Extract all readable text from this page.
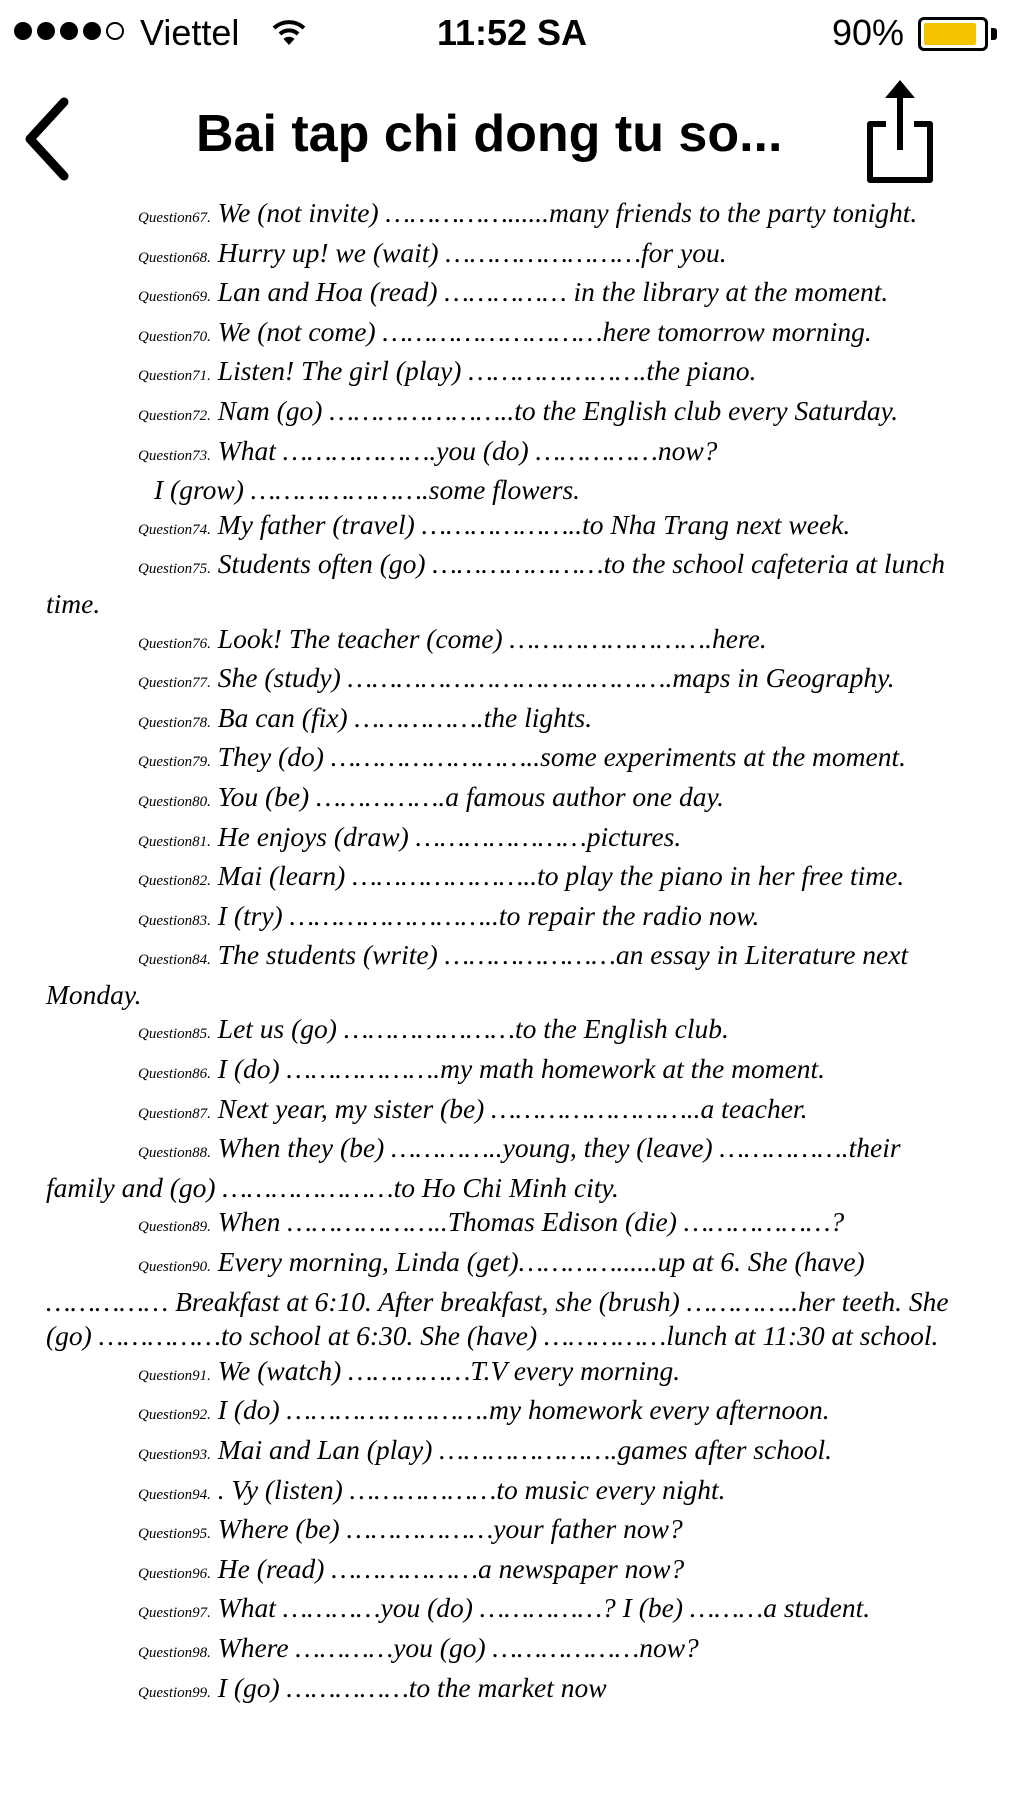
Viettel	11:52 SA	90%
Bai tap chi dong tu so...

Question67. We (not invite) ……………......many friends to the party tonight.

Question68. Hurry up! we (wait) ……………………for you.

Question69. Lan and Hoa (read) …………… in the library at the moment.

Question70. We (not come) ………………………here tomorrow morning.

Question71. Listen! The girl (play) ………………….the piano.

Question72. Nam (go) …………………..to the English club every Saturday.

Question73. What ……………….you (do) ……………now?

I (grow) ………………….some flowers.

Question74. My father (travel) ………………..to Nha Trang next week.

Question75. Students often (go) …………………to the school cafeteria at lunch time.

Question76. Look! The teacher (come) …………………….here.

Question77. She (study) ………………………………….maps in Geography.

Question78. Ba can (fix) …………….the lights.

Question79. They (do) ……………………..some experiments at the moment.

Question80. You (be) …………….a famous author one day.

Question81. He enjoys (draw) …………………pictures.

Question82. Mai (learn) …………………..to play the piano in her free time.

Question83. I (try) ……………………..to repair the radio now.

Question84. The students (write) …………………an essay in Literature next Monday.

Question85. Let us (go) …………………to the English club.

Question86. I (do) ……………….my math homework at the moment.

Question87. Next year, my sister (be) ……………………..a teacher.

Question88. When they (be) …………..young, they (leave) …………….their family and (go) …………………to Ho Chi Minh city.

Question89. When ………………..Thomas Edison (die) ………………?

Question90. Every morning, Linda (get)…………......up at 6. She (have) …………… Breakfast at 6:10. After breakfast, she (brush) …………..her teeth. She (go) ……………to school at 6:30. She (have) ……………lunch at 11:30 at school.

Question91. We (watch) ……………T.V every morning.

Question92. I (do) …………………….my homework every afternoon.

Question93. Mai and Lan (play) ………………….games after school.

Question94. . Vy (listen) ………………to music every night.

Question95. Where (be) ………………your father now?

Question96. He (read) ………………a newspaper now?

Question97. What …………you (do) ……………? I (be) ………a student.

Question98. Where …………you (go) ………………now?

Question99. I (go) ……………to the market now
